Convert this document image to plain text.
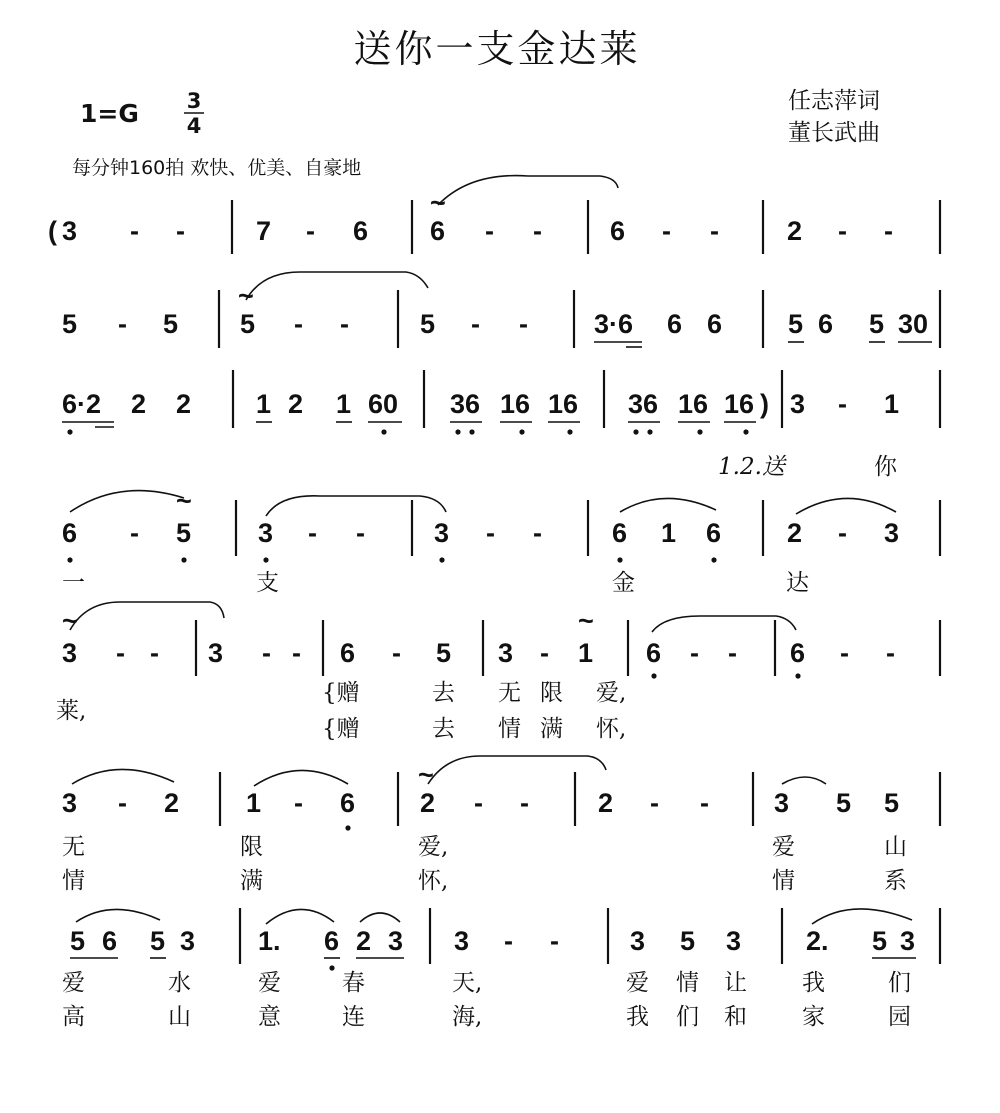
送你一支金达莱
1=G 3
4
任志萍词
董长武曲
每分钟160拍 欢快、优美、自豪地
( 3 - -	7 - 6 6 - -	6 - -	2 - -
~
5 - 5 5 - -	5 - - 3·6 6 6 5 6 5 30
~
6·2 2 2 1 2 1 60 36 16 16 36 16 16 ) 3 - 1
1.2.送	你
6 - 5 3 - -	3 - -	6 1 6 2 - 3
~
一	支	金	达
3 - - 3 - - 6 - 5 3 - 1 6 - - 6 - -
~	~
莱,
{赠	去 无 限 爱,
{赠	去 情 满 怀,
3 - 2 1 - 6 2 - -	2 - - 3 5 5
~
无	限	爱,	爱	山
情	满	怀,	情	系
5 6 5 3 1. 6 2 3 3 - -	3 5 3 2. 5 3
爱	水	爱	春	天,	爱 情 让 我	们
高	山	意	连	海,	我 们 和 家	园
